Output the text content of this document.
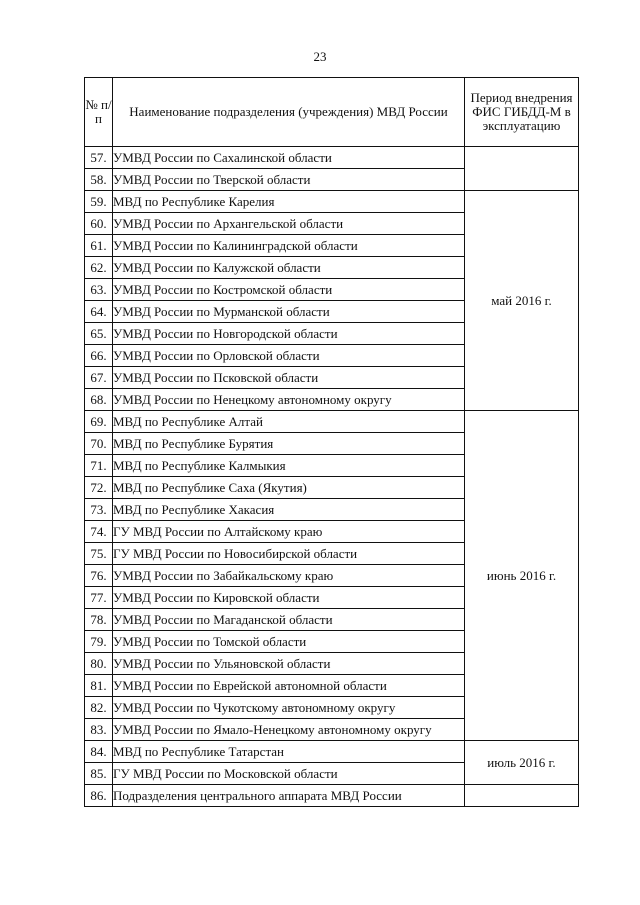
23
№ п/п	Наименование подразделения (учреждения) МВД России	Период внедрения ФИС ГИБДД-М в эксплуатацию
57.	УМВД России по Сахалинской области	
58.	УМВД России по Тверской области	
59.	МВД по Республике Карелия	май 2016 г.
60.	УМВД России по Архангельской области	
61.	УМВД России по Калининградской области	
62.	УМВД России по Калужской области	
63.	УМВД России по Костромской области	
64.	УМВД России по Мурманской области	
65.	УМВД России по Новгородской области	
66.	УМВД России по Орловской области	
67.	УМВД России по Псковской области	
68.	УМВД России по Ненецкому автономному округу	
69.	МВД по Республике Алтай	июнь 2016 г.
70.	МВД по Республике Бурятия	
71.	МВД по Республике Калмыкия	
72.	МВД по Республике Саха (Якутия)	
73.	МВД по Республике Хакасия	
74.	ГУ МВД России по Алтайскому краю	
75.	ГУ МВД России по Новосибирской области	
76.	УМВД России по Забайкальскому краю	
77.	УМВД России по Кировской области	
78.	УМВД России по Магаданской области	
79.	УМВД России по Томской области	
80.	УМВД России по Ульяновской области	
81.	УМВД России по Еврейской автономной области	
82.	УМВД России по Чукотскому автономному округу	
83.	УМВД России по Ямало-Ненецкому автономному округу	
84.	МВД по Республике Татарстан	июль 2016 г.
85.	ГУ МВД России по Московской области	
86.	Подразделения центрального аппарата МВД России	
